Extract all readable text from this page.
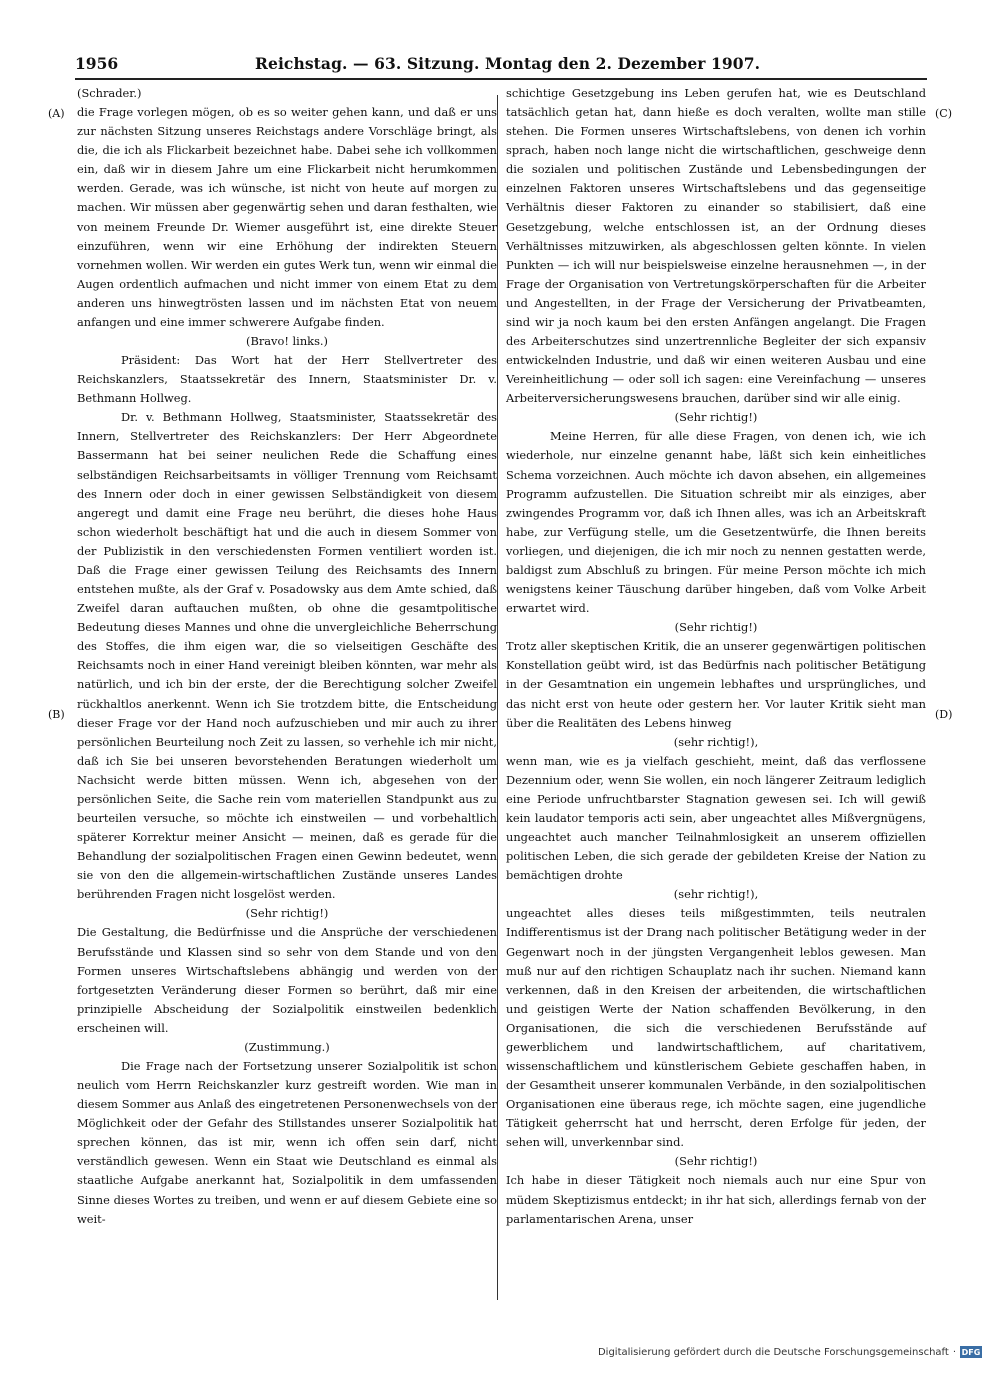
1956	Reichstag. — 63. Sitzung. Montag den 2. Dezember 1907.
(A)
(B)
(C)
(D)

(Schrader.)

die Frage vorlegen mögen, ob es so weiter gehen kann, und daß er uns zur nächsten Sitzung unseres Reichstags andere Vorschläge bringt, als die, die ich als Flickarbeit bezeichnet habe. Dabei sehe ich vollkommen ein, daß wir in diesem Jahre um eine Flickarbeit nicht herumkommen werden. Gerade, was ich wünsche, ist nicht von heute auf morgen zu machen. Wir müssen aber gegenwärtig sehen und daran festhalten, wie von meinem Freunde Dr. Wiemer ausgeführt ist, eine direkte Steuer einzuführen, wenn wir eine Erhöhung der indirekten Steuern vornehmen wollen. Wir werden ein gutes Werk tun, wenn wir einmal die Augen ordentlich aufmachen und nicht immer von einem Etat zu dem anderen uns hinwegtrösten lassen und im nächsten Etat von neuem anfangen und eine immer schwerere Aufgabe finden.

(Bravo! links.)

Präsident: Das Wort hat der Herr Stellvertreter des Reichskanzlers, Staatssekretär des Innern, Staatsminister Dr. v. Bethmann Hollweg.

Dr. v. Bethmann Hollweg, Staatsminister, Staatssekretär des Innern, Stellvertreter des Reichskanzlers: Der Herr Abgeordnete Bassermann hat bei seiner neulichen Rede die Schaffung eines selbständigen Reichsarbeitsamts in völliger Trennung vom Reichsamt des Innern oder doch in einer gewissen Selbständigkeit von diesem angeregt und damit eine Frage neu berührt, die dieses hohe Haus schon wiederholt beschäftigt hat und die auch in diesem Sommer von der Publizistik in den verschiedensten Formen ventiliert worden ist. Daß die Frage einer gewissen Teilung des Reichsamts des Innern entstehen mußte, als der Graf v. Posadowsky aus dem Amte schied, daß Zweifel daran auftauchen mußten, ob ohne die gesamtpolitische Bedeutung dieses Mannes und ohne die unvergleichliche Beherrschung des Stoffes, die ihm eigen war, die so vielseitigen Geschäfte des Reichsamts noch in einer Hand vereinigt bleiben könnten, war mehr als natürlich, und ich bin der erste, der die Berechtigung solcher Zweifel rückhaltlos anerkennt. Wenn ich Sie trotzdem bitte, die Entscheidung dieser Frage vor der Hand noch aufzuschieben und mir auch zu ihrer persönlichen Beurteilung noch Zeit zu lassen, so verhehle ich mir nicht, daß ich Sie bei unseren bevorstehenden Beratungen wiederholt um Nachsicht werde bitten müssen. Wenn ich, abgesehen von der persönlichen Seite, die Sache rein vom materiellen Standpunkt aus zu beurteilen versuche, so möchte ich einstweilen — und vorbehaltlich späterer Korrektur meiner Ansicht — meinen, daß es gerade für die Behandlung der sozialpolitischen Fragen einen Gewinn bedeutet, wenn sie von den die allgemein-wirtschaftlichen Zustände unseres Landes berührenden Fragen nicht losgelöst werden.

(Sehr richtig!)

Die Gestaltung, die Bedürfnisse und die Ansprüche der verschiedenen Berufsstände und Klassen sind so sehr von dem Stande und von den Formen unseres Wirtschaftslebens abhängig und werden von der fortgesetzten Veränderung dieser Formen so berührt, daß mir eine prinzipielle Abscheidung der Sozialpolitik einstweilen bedenklich erscheinen will.

(Zustimmung.)

Die Frage nach der Fortsetzung unserer Sozialpolitik ist schon neulich vom Herrn Reichskanzler kurz gestreift worden. Wie man in diesem Sommer aus Anlaß des eingetretenen Personenwechsels von der Möglichkeit oder der Gefahr des Stillstandes unserer Sozialpolitik hat sprechen können, das ist mir, wenn ich offen sein darf, nicht verständlich gewesen. Wenn ein Staat wie Deutschland es einmal als staatliche Aufgabe anerkannt hat, Sozialpolitik in dem umfassenden Sinne dieses Wortes zu treiben, und wenn er auf diesem Gebiete eine so weit-

schichtige Gesetzgebung ins Leben gerufen hat, wie es Deutschland tatsächlich getan hat, dann hieße es doch veralten, wollte man stille stehen. Die Formen unseres Wirtschaftslebens, von denen ich vorhin sprach, haben noch lange nicht die wirtschaftlichen, geschweige denn die sozialen und politischen Zustände und Lebensbedingungen der einzelnen Faktoren unseres Wirtschaftslebens und das gegenseitige Verhältnis dieser Faktoren zu einander so stabilisiert, daß eine Gesetzgebung, welche entschlossen ist, an der Ordnung dieses Verhältnisses mitzuwirken, als abgeschlossen gelten könnte. In vielen Punkten — ich will nur beispielsweise einzelne herausnehmen —, in der Frage der Organisation von Vertretungskörperschaften für die Arbeiter und Angestellten, in der Frage der Versicherung der Privatbeamten, sind wir ja noch kaum bei den ersten Anfängen angelangt. Die Fragen des Arbeiterschutzes sind unzertrennliche Begleiter der sich expansiv entwickelnden Industrie, und daß wir einen weiteren Ausbau und eine Vereinheitlichung — oder soll ich sagen: eine Vereinfachung — unseres Arbeiterversicherungswesens brauchen, darüber sind wir alle einig.

(Sehr richtig!)

Meine Herren, für alle diese Fragen, von denen ich, wie ich wiederhole, nur einzelne genannt habe, läßt sich kein einheitliches Schema vorzeichnen. Auch möchte ich davon absehen, ein allgemeines Programm aufzustellen. Die Situation schreibt mir als einziges, aber zwingendes Programm vor, daß ich Ihnen alles, was ich an Arbeitskraft habe, zur Verfügung stelle, um die Gesetzentwürfe, die Ihnen bereits vorliegen, und diejenigen, die ich mir noch zu nennen gestatten werde, baldigst zum Abschluß zu bringen. Für meine Person möchte ich mich wenigstens keiner Täuschung darüber hingeben, daß vom Volke Arbeit erwartet wird.

(Sehr richtig!)

Trotz aller skeptischen Kritik, die an unserer gegenwärtigen politischen Konstellation geübt wird, ist das Bedürfnis nach politischer Betätigung in der Gesamtnation ein ungemein lebhaftes und ursprüngliches, und das nicht erst von heute oder gestern her. Vor lauter Kritik sieht man über die Realitäten des Lebens hinweg

(sehr richtig!),

wenn man, wie es ja vielfach geschieht, meint, daß das verflossene Dezennium oder, wenn Sie wollen, ein noch längerer Zeitraum lediglich eine Periode unfruchtbarster Stagnation gewesen sei. Ich will gewiß kein laudator temporis acti sein, aber ungeachtet alles Mißvergnügens, ungeachtet auch mancher Teilnahmlosigkeit an unserem offiziellen politischen Leben, die sich gerade der gebildeten Kreise der Nation zu bemächtigen drohte

(sehr richtig!),

ungeachtet alles dieses teils mißgestimmten, teils neutralen Indifferentismus ist der Drang nach politischer Betätigung weder in der Gegenwart noch in der jüngsten Vergangenheit leblos gewesen. Man muß nur auf den richtigen Schauplatz nach ihr suchen. Niemand kann verkennen, daß in den Kreisen der arbeitenden, die wirtschaftlichen und geistigen Werte der Nation schaffenden Bevölkerung, in den Organisationen, die sich die verschiedenen Berufsstände auf gewerblichem und landwirtschaftlichem, auf charitativem, wissenschaftlichem und künstlerischem Gebiete geschaffen haben, in der Gesamtheit unserer kommunalen Verbände, in den sozialpolitischen Organisationen eine überaus rege, ich möchte sagen, eine jugendliche Tätigkeit geherrscht hat und herrscht, deren Erfolge für jeden, der sehen will, unverkennbar sind.

(Sehr richtig!)

Ich habe in dieser Tätigkeit noch niemals auch nur eine Spur von müdem Skeptizismus entdeckt; in ihr hat sich, allerdings fernab von der parlamentarischen Arena, unser

Digitalisierung gefördert durch die Deutsche Forschungsgemeinschaft · DFG
